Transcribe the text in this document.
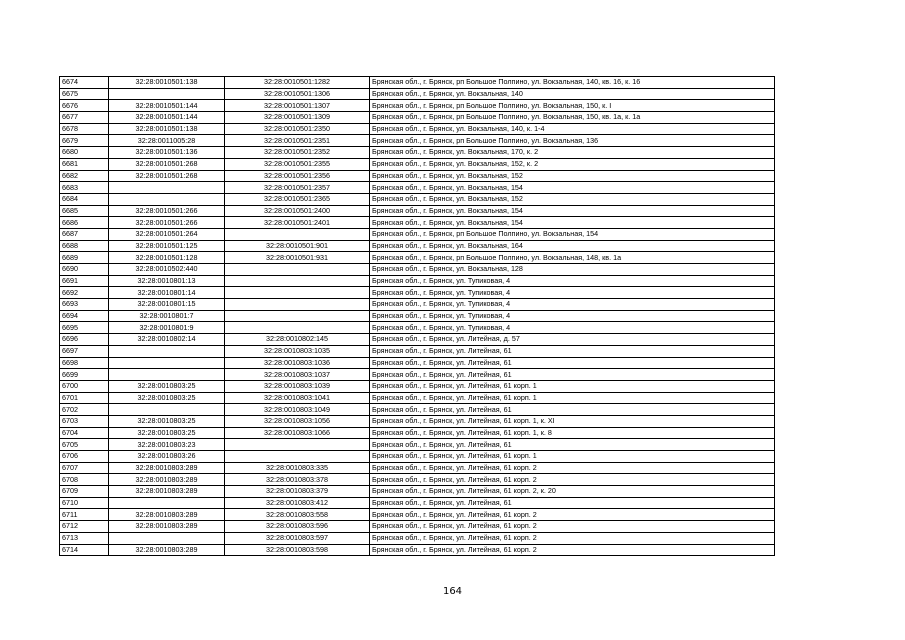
6674	32:28:0010501:138	32:28:0010501:1282	Брянская обл., г. Брянск, рп Большое Полпино, ул. Вокзальная, 140, кв. 16, к. 16
6675		32:28:0010501:1306	Брянская обл., г. Брянск, ул. Вокзальная, 140
6676	32:28:0010501:144	32:28:0010501:1307	Брянская обл., г. Брянск, рп Большое Полпино, ул. Вокзальная, 150, к. I
6677	32:28:0010501:144	32:28:0010501:1309	Брянская обл., г. Брянск, рп Большое Полпино, ул. Вокзальная, 150, кв. 1а, к. 1а
6678	32:28:0010501:138	32:28:0010501:2350	Брянская обл., г. Брянск, ул. Вокзальная, 140, к. 1-4
6679	32:28:0011005:28	32:28:0010501:2351	Брянская обл., г. Брянск, рп Большое Полпино, ул. Вокзальная, 136
6680	32:28:0010501:136	32:28:0010501:2352	Брянская обл., г. Брянск, ул. Вокзальная, 170, к. 2
6681	32:28:0010501:268	32:28:0010501:2355	Брянская обл., г. Брянск, ул. Вокзальная, 152, к. 2
6682	32:28:0010501:268	32:28:0010501:2356	Брянская обл., г. Брянск, ул. Вокзальная, 152
6683		32:28:0010501:2357	Брянская обл., г. Брянск, ул. Вокзальная, 154
6684		32:28:0010501:2365	Брянская обл., г. Брянск, ул. Вокзальная, 152
6685	32:28:0010501:266	32:28:0010501:2400	Брянская обл., г. Брянск, ул. Вокзальная, 154
6686	32:28:0010501:266	32:28:0010501:2401	Брянская обл., г. Брянск, ул. Вокзальная, 154
6687	32:28:0010501:264		Брянская обл., г. Брянск, рп Большое Полпино, ул. Вокзальная, 154
6688	32:28:0010501:125	32:28:0010501:901	Брянская обл., г. Брянск, ул. Вокзальная, 164
6689	32:28:0010501:128	32:28:0010501:931	Брянская обл., г. Брянск, рп Большое Полпино, ул. Вокзальная, 148, кв. 1а
6690	32:28:0010502:440		Брянская обл., г. Брянск, ул. Вокзальная, 128
6691	32:28:0010801:13		Брянская обл., г. Брянск, ул. Тупиковая, 4
6692	32:28:0010801:14		Брянская обл., г. Брянск, ул. Тупиковая, 4
6693	32:28:0010801:15		Брянская обл., г. Брянск, ул. Тупиковая, 4
6694	32:28:0010801:7		Брянская обл., г. Брянск, ул. Тупиковая, 4
6695	32:28:0010801:9		Брянская обл., г. Брянск, ул. Тупиковая, 4
6696	32:28:0010802:14	32:28:0010802:145	Брянская обл., г. Брянск, ул. Литейная, д. 57
6697		32:28:0010803:1035	Брянская обл., г. Брянск, ул. Литейная, 61
6698		32:28:0010803:1036	Брянская обл., г. Брянск, ул. Литейная, 61
6699		32:28:0010803:1037	Брянская обл., г. Брянск, ул. Литейная, 61
6700	32:28:0010803:25	32:28:0010803:1039	Брянская обл., г. Брянск, ул. Литейная, 61 корп. 1
6701	32:28:0010803:25	32:28:0010803:1041	Брянская обл., г. Брянск, ул. Литейная, 61 корп. 1
6702		32:28:0010803:1049	Брянская обл., г. Брянск, ул. Литейная, 61
6703	32:28:0010803:25	32:28:0010803:1056	Брянская обл., г. Брянск, ул. Литейная, 61 корп. 1, к. XI
6704	32:28:0010803:25	32:28:0010803:1066	Брянская обл., г. Брянск, ул. Литейная, 61 корп. 1, к. 8
6705	32:28:0010803:23		Брянская обл., г. Брянск, ул. Литейная, 61
6706	32:28:0010803:26		Брянская обл., г. Брянск, ул. Литейная, 61 корп. 1
6707	32:28:0010803:289	32:28:0010803:335	Брянская обл., г. Брянск, ул. Литейная, 61 корп. 2
6708	32:28:0010803:289	32:28:0010803:378	Брянская обл., г. Брянск, ул. Литейная, 61 корп. 2
6709	32:28:0010803:289	32:28:0010803:379	Брянская обл., г. Брянск, ул. Литейная, 61 корп. 2, к. 20
6710		32:28:0010803:412	Брянская обл., г. Брянск, ул. Литейная, 61
6711	32:28:0010803:289	32:28:0010803:558	Брянская обл., г. Брянск, ул. Литейная, 61 корп. 2
6712	32:28:0010803:289	32:28:0010803:596	Брянская обл., г. Брянск, ул. Литейная, 61 корп. 2
6713		32:28:0010803:597	Брянская обл., г. Брянск, ул. Литейная, 61 корп. 2
6714	32:28:0010803:289	32:28:0010803:598	Брянская обл., г. Брянск, ул. Литейная, 61 корп. 2
164
